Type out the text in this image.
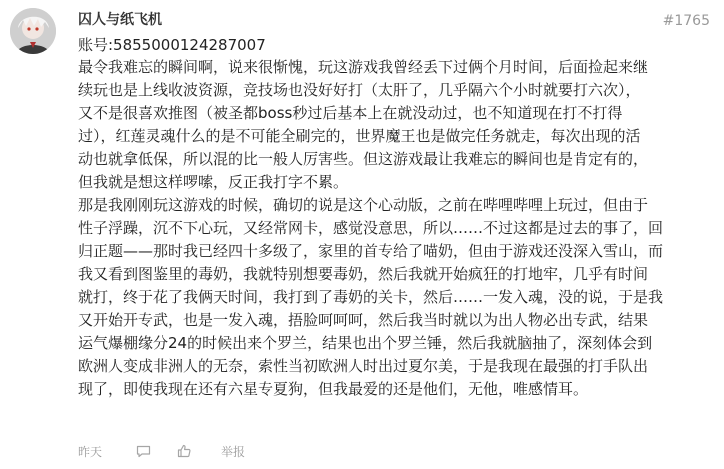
囚人与纸飞机	#1765
账号:5855000124287007
最令我难忘的瞬间啊，说来很惭愧，玩这游戏我曾经丢下过俩个月时间，后面捡起来继
续玩也是上线收波资源，竞技场也没好好打（太肝了，几乎隔六个小时就要打六次），
又不是很喜欢推图（被圣都boss秒过后基本上在就没动过，也不知道现在打不打得
过），红莲灵魂什么的是不可能全刷完的，世界魔王也是做完任务就走，每次出现的活
动也就拿低保，所以混的比一般人厉害些。但这游戏最让我难忘的瞬间也是肯定有的，
但我就是想这样啰嗦，反正我打字不累。
那是我刚刚玩这游戏的时候，确切的说是这个心动版，之前在哔哩哔哩上玩过，但由于
性子浮躁，沉不下心玩，又经常网卡，感觉没意思，所以……不过这都是过去的事了，回
归正题——那时我已经四十多级了，家里的首专给了喵奶，但由于游戏还没深入雪山，而
我又看到图鉴里的毒奶，我就特别想要毒奶，然后我就开始疯狂的打地牢，几乎有时间
就打，终于花了我俩天时间，我打到了毒奶的关卡，然后……一发入魂，没的说，于是我
又开始开专武，也是一发入魂，捂脸呵呵呵，然后我当时就以为出人物必出专武，结果
运气爆棚缘分24的时候出来个罗兰，结果也出个罗兰锤，然后我就脑抽了，深刻体会到
欧洲人变成非洲人的无奈，索性当初欧洲人时出过夏尔美，于是我现在最强的打手队出
现了，即使我现在还有六星专夏狗，但我最爱的还是他们，无他，唯感情耳。
昨天	举报
